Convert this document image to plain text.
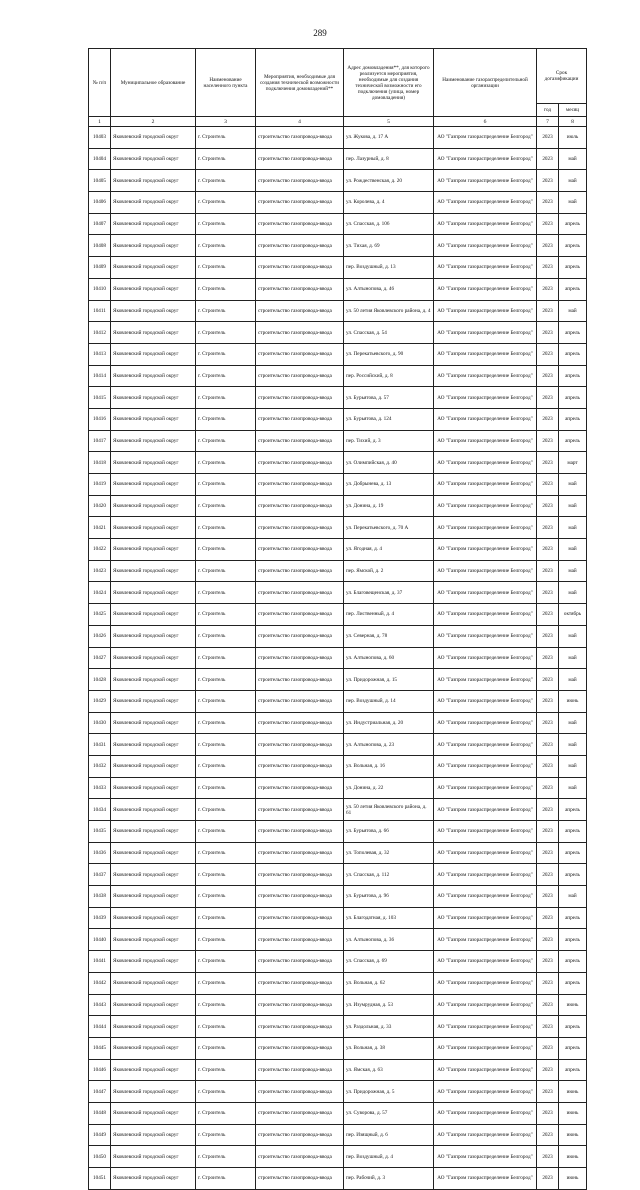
289
№ п/п	Муниципальное образование	Наименование населенного пункта	Мероприятия, необходимые для создания технической возможности подключения домовладений**	Адрес домовладения**, для которого реализуется мероприятия, необходимые для создания технической возможности его подключения (улица, номер домовладения)	Наименование газораспределительной организации	Срок догазификации	
						год	месяц
1	2	3	4	5	6	7	8
10403	Яковлевский городской округ	г. Строитель	строительство газопровода-ввода	ул. Жукова, д. 17 А	АО "Газпром газораспределение Белгород"	2023	июль
10404	Яковлевский городской округ	г. Строитель	строительство газопровода-ввода	пер. Лазурный, д. 8	АО "Газпром газораспределение Белгород"	2023	май
10405	Яковлевский городской округ	г. Строитель	строительство газопровода-ввода	ул. Рождественская, д. 20	АО "Газпром газораспределение Белгород"	2023	май
10406	Яковлевский городской округ	г. Строитель	строительство газопровода-ввода	ул. Королева, д. 4	АО "Газпром газораспределение Белгород"	2023	май
10407	Яковлевский городской округ	г. Строитель	строительство газопровода-ввода	ул. Спасская, д. 106	АО "Газпром газораспределение Белгород"	2023	апрель
10408	Яковлевский городской округ	г. Строитель	строительство газопровода-ввода	ул. Тихая, д. 69	АО "Газпром газораспределение Белгород"	2023	апрель
10409	Яковлевский городской округ	г. Строитель	строительство газопровода-ввода	пер. Воздушный, д. 13	АО "Газпром газораспределение Белгород"	2023	апрель
10410	Яковлевский городской округ	г. Строитель	строительство газопровода-ввода	ул. Алтынопова, д. 46	АО "Газпром газораспределение Белгород"	2023	апрель
10411	Яковлевский городской округ	г. Строитель	строительство газопровода-ввода	ул. 50 летия Яковлевского района, д. 4	АО "Газпром газораспределение Белгород"	2023	май
10412	Яковлевский городской округ	г. Строитель	строительство газопровода-ввода	ул. Спасская, д. 54	АО "Газпром газораспределение Белгород"	2023	апрель
10413	Яковлевский городской округ	г. Строитель	строительство газопровода-ввода	ул. Перекатьевского, д. 90	АО "Газпром газораспределение Белгород"	2023	апрель
10414	Яковлевский городской округ	г. Строитель	строительство газопровода-ввода	пер. Российский, д. 8	АО "Газпром газораспределение Белгород"	2023	апрель
10415	Яковлевский городской округ	г. Строитель	строительство газопровода-ввода	ул. Бурьятова, д. 57	АО "Газпром газораспределение Белгород"	2023	апрель
10416	Яковлевский городской округ	г. Строитель	строительство газопровода-ввода	ул. Бурьятова, д. 124	АО "Газпром газораспределение Белгород"	2023	апрель
10417	Яковлевский городской округ	г. Строитель	строительство газопровода-ввода	пер. Тихий, д. 3	АО "Газпром газораспределение Белгород"	2023	апрель
10418	Яковлевский городской округ	г. Строитель	строительство газопровода-ввода	ул. Олимпийская, д. 40	АО "Газпром газораспределение Белгород"	2023	март
10419	Яковлевский городской округ	г. Строитель	строительство газопровода-ввода	ул. Добрынева, д. 13	АО "Газпром газораспределение Белгород"	2023	май
10420	Яковлевский городской округ	г. Строитель	строительство газопровода-ввода	ул. Донина, д. 19	АО "Газпром газораспределение Белгород"	2023	май
10421	Яковлевский городской округ	г. Строитель	строительство газопровода-ввода	ул. Перекатьевского, д. 70 А	АО "Газпром газораспределение Белгород"	2023	май
10422	Яковлевский городской округ	г. Строитель	строительство газопровода-ввода	ул. Ягодная, д. 4	АО "Газпром газораспределение Белгород"	2023	май
10423	Яковлевский городской округ	г. Строитель	строительство газопровода-ввода	пер. Ямской, д. 2	АО "Газпром газораспределение Белгород"	2023	май
10424	Яковлевский городской округ	г. Строитель	строительство газопровода-ввода	ул. Благовещенская, д. 37	АО "Газпром газораспределение Белгород"	2023	май
10425	Яковлевский городской округ	г. Строитель	строительство газопровода-ввода	пер. Лиственный, д. 4	АО "Газпром газораспределение Белгород"	2023	октябрь
10426	Яковлевский городской округ	г. Строитель	строительство газопровода-ввода	ул. Северная, д. 78	АО "Газпром газораспределение Белгород"	2023	май
10427	Яковлевский городской округ	г. Строитель	строительство газопровода-ввода	ул. Алтынопова, д. 60	АО "Газпром газораспределение Белгород"	2023	май
10428	Яковлевский городской округ	г. Строитель	строительство газопровода-ввода	ул. Придорожная, д. 15	АО "Газпром газораспределение Белгород"	2023	май
10429	Яковлевский городской округ	г. Строитель	строительство газопровода-ввода	пер. Воздушный, д. 14	АО "Газпром газораспределение Белгород"	2023	июнь
10430	Яковлевский городской округ	г. Строитель	строительство газопровода-ввода	ул. Индустриальная, д. 20	АО "Газпром газораспределение Белгород"	2023	май
10431	Яковлевский городской округ	г. Строитель	строительство газопровода-ввода	ул. Алтынопова, д. 23	АО "Газпром газораспределение Белгород"	2023	май
10432	Яковлевский городской округ	г. Строитель	строительство газопровода-ввода	ул. Вольная, д. 16	АО "Газпром газораспределение Белгород"	2023	май
10433	Яковлевский городской округ	г. Строитель	строительство газопровода-ввода	ул. Донина, д. 22	АО "Газпром газораспределение Белгород"	2023	май
10434	Яковлевский городской округ	г. Строитель	строительство газопровода-ввода	ул. 50 летия Яковлевского района, д. 61	АО "Газпром газораспределение Белгород"	2023	апрель
10435	Яковлевский городской округ	г. Строитель	строительство газопровода-ввода	ул. Бурьятова, д. 66	АО "Газпром газораспределение Белгород"	2023	апрель
10436	Яковлевский городской округ	г. Строитель	строительство газопровода-ввода	ул. Тополевая, д. 32	АО "Газпром газораспределение Белгород"	2023	апрель
10437	Яковлевский городской округ	г. Строитель	строительство газопровода-ввода	ул. Спасская, д. 112	АО "Газпром газораспределение Белгород"	2023	апрель
10438	Яковлевский городской округ	г. Строитель	строительство газопровода-ввода	ул. Бурьятова, д. 96	АО "Газпром газораспределение Белгород"	2023	май
10439	Яковлевский городской округ	г. Строитель	строительство газопровода-ввода	ул. Благодатная, д. 103	АО "Газпром газораспределение Белгород"	2023	апрель
10440	Яковлевский городской округ	г. Строитель	строительство газопровода-ввода	ул. Алтынопова, д. 36	АО "Газпром газораспределение Белгород"	2023	апрель
10441	Яковлевский городской округ	г. Строитель	строительство газопровода-ввода	ул. Спасская, д. 69	АО "Газпром газораспределение Белгород"	2023	апрель
10442	Яковлевский городской округ	г. Строитель	строительство газопровода-ввода	ул. Вольная, д. 62	АО "Газпром газораспределение Белгород"	2023	апрель
10443	Яковлевский городской округ	г. Строитель	строительство газопровода-ввода	ул. Изумрудная, д. 53	АО "Газпром газораспределение Белгород"	2023	июнь
10444	Яковлевский городской округ	г. Строитель	строительство газопровода-ввода	ул. Раздольная, д. 33	АО "Газпром газораспределение Белгород"	2023	апрель
10445	Яковлевский городской округ	г. Строитель	строительство газопровода-ввода	ул. Вольная, д. 38	АО "Газпром газораспределение Белгород"	2023	апрель
10446	Яковлевский городской округ	г. Строитель	строительство газопровода-ввода	ул. Ямская, д. 63	АО "Газпром газораспределение Белгород"	2023	апрель
10447	Яковлевский городской округ	г. Строитель	строительство газопровода-ввода	ул. Придорожная, д. 5	АО "Газпром газораспределение Белгород"	2023	июнь
10448	Яковлевский городской округ	г. Строитель	строительство газопровода-ввода	ул. Суворова, д. 57	АО "Газпром газораспределение Белгород"	2023	июнь
10449	Яковлевский городской округ	г. Строитель	строительство газопровода-ввода	пер. Изящный, д. 6	АО "Газпром газораспределение Белгород"	2023	июнь
10450	Яковлевский городской округ	г. Строитель	строительство газопровода-ввода	пер. Воздушный, д. 4	АО "Газпром газораспределение Белгород"	2023	июнь
10451	Яковлевский городской округ	г. Строитель	строительство газопровода-ввода	пер. Рабочий, д. 3	АО "Газпром газораспределение Белгород"	2023	июнь
